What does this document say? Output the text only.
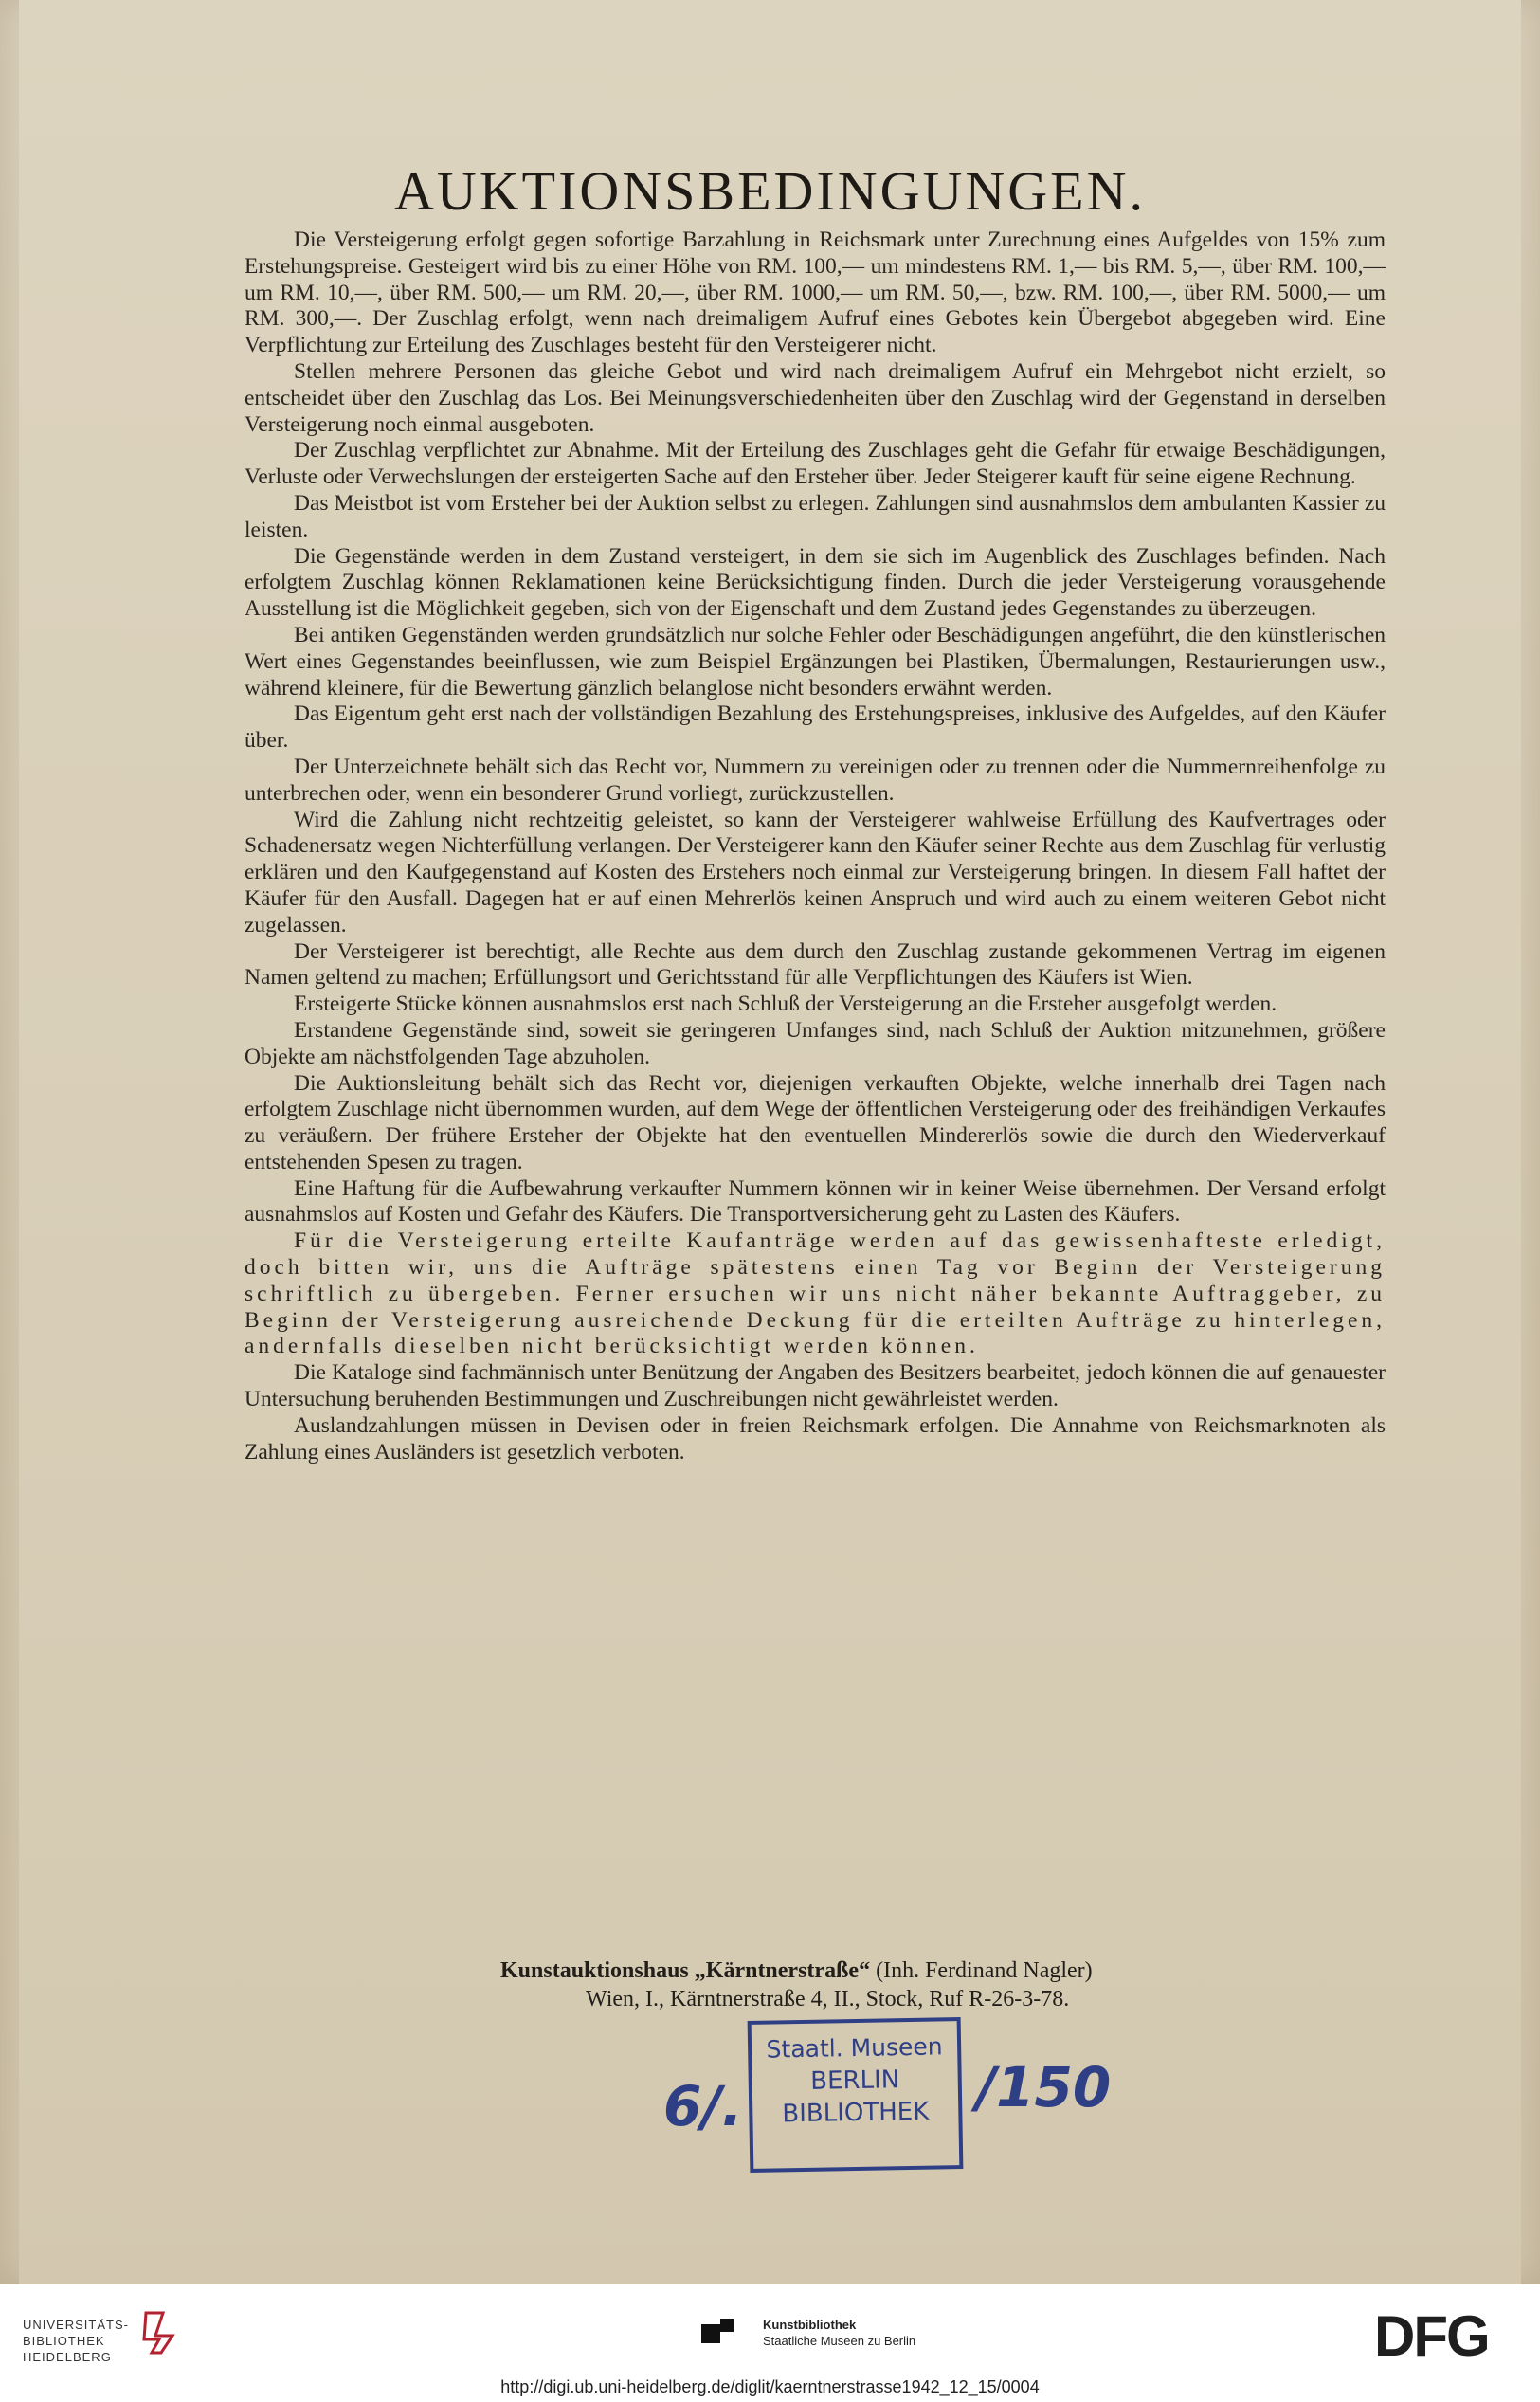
AUKTIONSBEDINGUNGEN.

Die Versteigerung erfolgt gegen sofortige Barzahlung in Reichsmark unter Zurechnung eines Aufgeldes von 15% zum Erstehungspreise. Gesteigert wird bis zu einer Höhe von RM. 100,— um mindestens RM. 1,— bis RM. 5,—, über RM. 100,— um RM. 10,—, über RM. 500,— um RM. 20,—, über RM. 1000,— um RM. 50,—, bzw. RM. 100,—, über RM. 5000,— um RM. 300,—. Der Zuschlag erfolgt, wenn nach dreimaligem Aufruf eines Gebotes kein Übergebot abgegeben wird. Eine Verpflichtung zur Erteilung des Zuschlages besteht für den Versteigerer nicht.

Stellen mehrere Personen das gleiche Gebot und wird nach dreimaligem Aufruf ein Mehrgebot nicht erzielt, so entscheidet über den Zuschlag das Los. Bei Meinungsverschiedenheiten über den Zuschlag wird der Gegenstand in derselben Versteigerung noch einmal ausgeboten.

Der Zuschlag verpflichtet zur Abnahme. Mit der Erteilung des Zuschlages geht die Gefahr für etwaige Beschädigungen, Verluste oder Verwechslungen der ersteigerten Sache auf den Ersteher über. Jeder Steigerer kauft für seine eigene Rechnung.

Das Meistbot ist vom Ersteher bei der Auktion selbst zu erlegen. Zahlungen sind ausnahmslos dem ambulanten Kassier zu leisten.

Die Gegenstände werden in dem Zustand versteigert, in dem sie sich im Augenblick des Zuschlages befinden. Nach erfolgtem Zuschlag können Reklamationen keine Berücksichtigung finden. Durch die jeder Versteigerung vorausgehende Ausstellung ist die Möglichkeit gegeben, sich von der Eigenschaft und dem Zustand jedes Gegenstandes zu überzeugen.

Bei antiken Gegenständen werden grundsätzlich nur solche Fehler oder Beschädigungen angeführt, die den künstlerischen Wert eines Gegenstandes beeinflussen, wie zum Beispiel Ergänzungen bei Plastiken, Übermalungen, Restaurierungen usw., während kleinere, für die Bewertung gänzlich belanglose nicht besonders erwähnt werden.

Das Eigentum geht erst nach der vollständigen Bezahlung des Erstehungspreises, inklusive des Aufgeldes, auf den Käufer über.

Der Unterzeichnete behält sich das Recht vor, Nummern zu vereinigen oder zu trennen oder die Nummernreihenfolge zu unterbrechen oder, wenn ein besonderer Grund vorliegt, zurückzustellen.

Wird die Zahlung nicht rechtzeitig geleistet, so kann der Versteigerer wahlweise Erfüllung des Kaufvertrages oder Schadenersatz wegen Nichterfüllung verlangen. Der Versteigerer kann den Käufer seiner Rechte aus dem Zuschlag für verlustig erklären und den Kaufgegenstand auf Kosten des Erstehers noch einmal zur Versteigerung bringen. In diesem Fall haftet der Käufer für den Ausfall. Dagegen hat er auf einen Mehrerlös keinen Anspruch und wird auch zu einem weiteren Gebot nicht zugelassen.

Der Versteigerer ist berechtigt, alle Rechte aus dem durch den Zuschlag zustande gekommenen Vertrag im eigenen Namen geltend zu machen; Erfüllungsort und Gerichtsstand für alle Verpflichtungen des Käufers ist Wien.

Ersteigerte Stücke können ausnahmslos erst nach Schluß der Versteigerung an die Ersteher ausgefolgt werden.

Erstandene Gegenstände sind, soweit sie geringeren Umfanges sind, nach Schluß der Auktion mitzunehmen, größere Objekte am nächstfolgenden Tage abzuholen.

Die Auktionsleitung behält sich das Recht vor, diejenigen verkauften Objekte, welche innerhalb drei Tagen nach erfolgtem Zuschlage nicht übernommen wurden, auf dem Wege der öffentlichen Versteigerung oder des freihändigen Verkaufes zu veräußern. Der frühere Ersteher der Objekte hat den eventuellen Mindererlös sowie die durch den Wiederverkauf entstehenden Spesen zu tragen.

Eine Haftung für die Aufbewahrung verkaufter Nummern können wir in keiner Weise übernehmen. Der Versand erfolgt ausnahmslos auf Kosten und Gefahr des Käufers. Die Transportversicherung geht zu Lasten des Käufers.

Für die Versteigerung erteilte Kaufanträge werden auf das gewissenhafteste erledigt, doch bitten wir, uns die Aufträge spätestens einen Tag vor Beginn der Versteigerung schriftlich zu übergeben. Ferner ersuchen wir uns nicht näher bekannte Auftraggeber, zu Beginn der Versteigerung ausreichende Deckung für die erteilten Aufträge zu hinterlegen, andernfalls dieselben nicht berücksichtigt werden können.

Die Kataloge sind fachmännisch unter Benützung der Angaben des Besitzers bearbeitet, jedoch können die auf genauester Untersuchung beruhenden Bestimmungen und Zuschreibungen nicht gewährleistet werden.

Auslandzahlungen müssen in Devisen oder in freien Reichsmark erfolgen. Die Annahme von Reichsmarknoten als Zahlung eines Ausländers ist gesetzlich verboten.

Kunstauktionshaus „Kärntnerstraße“ (Inh. Ferdinand Nagler)
Wien, I., Kärntnerstraße 4, II., Stock, Ruf R-26-3-78.
Staatl. Museen
BERLIN
BIBLIOTHEK
6/.	/150
UNIVERSITÄTS-
BIBLIOTHEK
HEIDELBERG
Kunstbibliothek
Staatliche Museen zu Berlin	DFG
http://digi.ub.uni-heidelberg.de/diglit/kaerntnerstrasse1942_12_15/0004
